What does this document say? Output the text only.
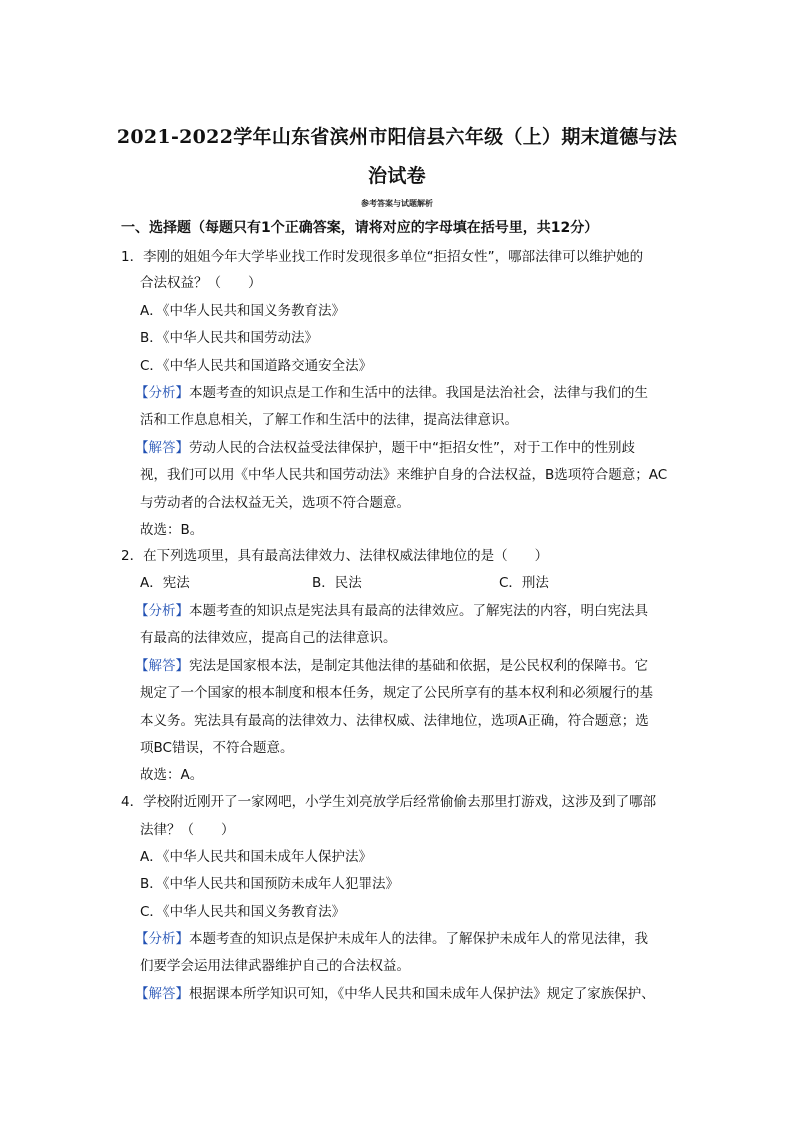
2021-2022学年山东省滨州市阳信县六年级（上）期末道德与法
治试卷
参考答案与试题解析
一、选择题（每题只有1个正确答案，请将对应的字母填在括号里，共12分）
1．李刚的姐姐今年大学毕业找工作时发现很多单位“拒招女性”，哪部法律可以维护她的
合法权益？（　　）
A．《中华人民共和国义务教育法》
B．《中华人民共和国劳动法》
C．《中华人民共和国道路交通安全法》
【分析】本题考查的知识点是工作和生活中的法律。我国是法治社会，法律与我们的生
活和工作息息相关，了解工作和生活中的法律，提高法律意识。
【解答】劳动人民的合法权益受法律保护，题干中“拒招女性”，对于工作中的性别歧
视，我们可以用《中华人民共和国劳动法》来维护自身的合法权益，B选项符合题意；AC
与劳动者的合法权益无关，选项不符合题意。
故选：B。
2．在下列选项里，具有最高法律效力、法律权威法律地位的是（　　）
A．宪法	B．民法	C．刑法
【分析】本题考查的知识点是宪法具有最高的法律效应。了解宪法的内容，明白宪法具
有最高的法律效应，提高自己的法律意识。
【解答】宪法是国家根本法，是制定其他法律的基础和依据，是公民权利的保障书。它
规定了一个国家的根本制度和根本任务，规定了公民所享有的基本权利和必须履行的基
本义务。宪法具有最高的法律效力、法律权威、法律地位，选项A正确，符合题意；选
项BC错误，不符合题意。
故选：A。
4．学校附近刚开了一家网吧，小学生刘亮放学后经常偷偷去那里打游戏，这涉及到了哪部
法律？（　　）
A．《中华人民共和国未成年人保护法》
B．《中华人民共和国预防未成年人犯罪法》
C．《中华人民共和国义务教育法》
【分析】本题考查的知识点是保护未成年人的法律。了解保护未成年人的常见法律，我
们要学会运用法律武器维护自己的合法权益。
【解答】根据课本所学知识可知，《中华人民共和国未成年人保护法》规定了家族保护、
